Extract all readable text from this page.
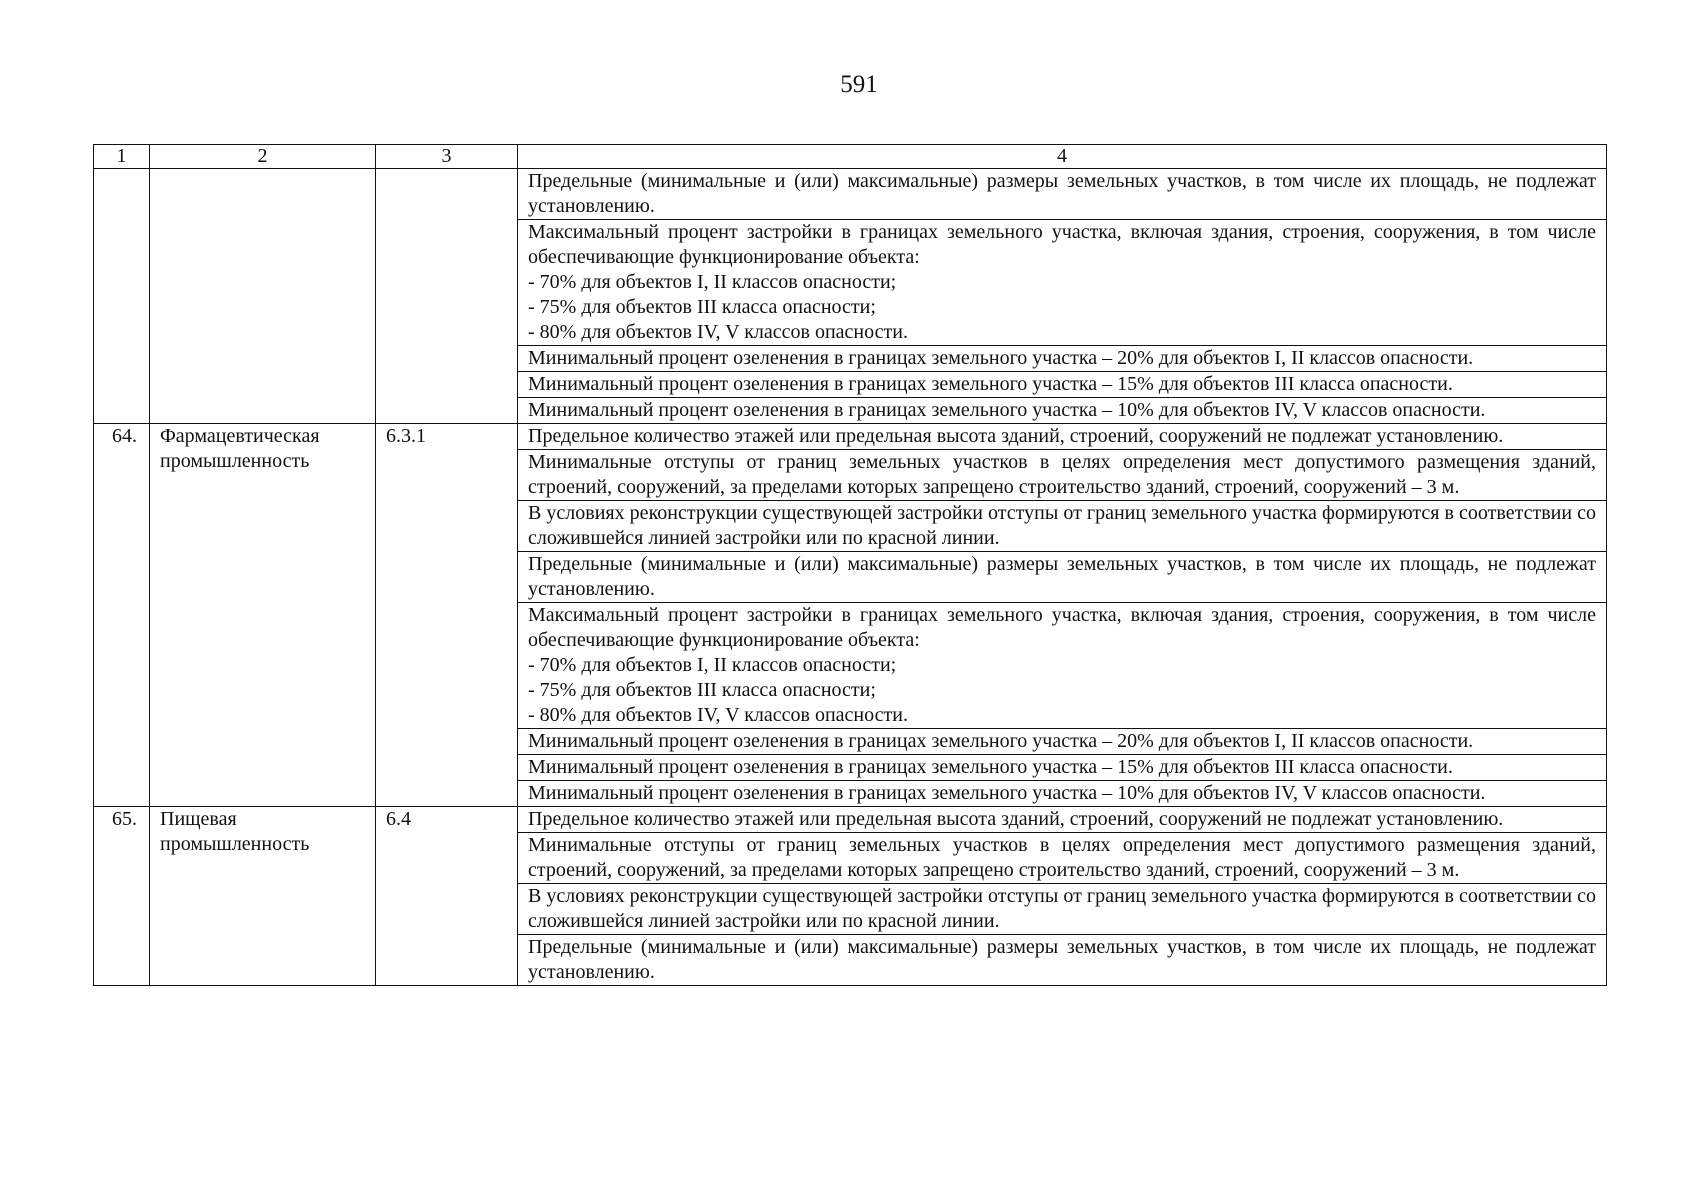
591
1	2	3	4

			Предельные (минимальные и (или) максимальные) размеры земельных участков, в том числе их площадь, не подлежат установлению.

			Максимальный процент застройки в границах земельного участка, включая здания, строения, сооружения, в том числе обеспечивающие функционирование объекта:
- 70% для объектов I, II классов опасности;
- 75% для объектов III класса опасности;
- 80% для объектов IV, V классов опасности.

			Минимальный процент озеленения в границах земельного участка – 20% для объектов I, II классов опасности.

			Минимальный процент озеленения в границах земельного участка – 15% для объектов III класса опасности.

			Минимальный процент озеленения в границах земельного участка – 10% для объектов IV, V классов опасности.

64.	Фармацевтическая промышленность	6.3.1	Предельное количество этажей или предельная высота зданий, строений, сооружений не подлежат установлению.

			Минимальные отступы от границ земельных участков в целях определения мест допустимого размещения зданий, строений, сооружений, за пределами которых запрещено строительство зданий, строений, сооружений – 3 м.

			В условиях реконструкции существующей застройки отступы от границ земельного участка формируются в соответствии со сложившейся линией застройки или по красной линии.

			Предельные (минимальные и (или) максимальные) размеры земельных участков, в том числе их площадь, не подлежат установлению.

			Максимальный процент застройки в границах земельного участка, включая здания, строения, сооружения, в том числе обеспечивающие функционирование объекта:
- 70% для объектов I, II классов опасности;
- 75% для объектов III класса опасности;
- 80% для объектов IV, V классов опасности.

			Минимальный процент озеленения в границах земельного участка – 20% для объектов I, II классов опасности.

			Минимальный процент озеленения в границах земельного участка – 15% для объектов III класса опасности.

			Минимальный процент озеленения в границах земельного участка – 10% для объектов IV, V классов опасности.

65.	Пищевая промышленность	6.4	Предельное количество этажей или предельная высота зданий, строений, сооружений не подлежат установлению.

			Минимальные отступы от границ земельных участков в целях определения мест допустимого размещения зданий, строений, сооружений, за пределами которых запрещено строительство зданий, строений, сооружений – 3 м.

			В условиях реконструкции существующей застройки отступы от границ земельного участка формируются в соответствии со сложившейся линией застройки или по красной линии.

			Предельные (минимальные и (или) максимальные) размеры земельных участков, в том числе их площадь, не подлежат установлению.
